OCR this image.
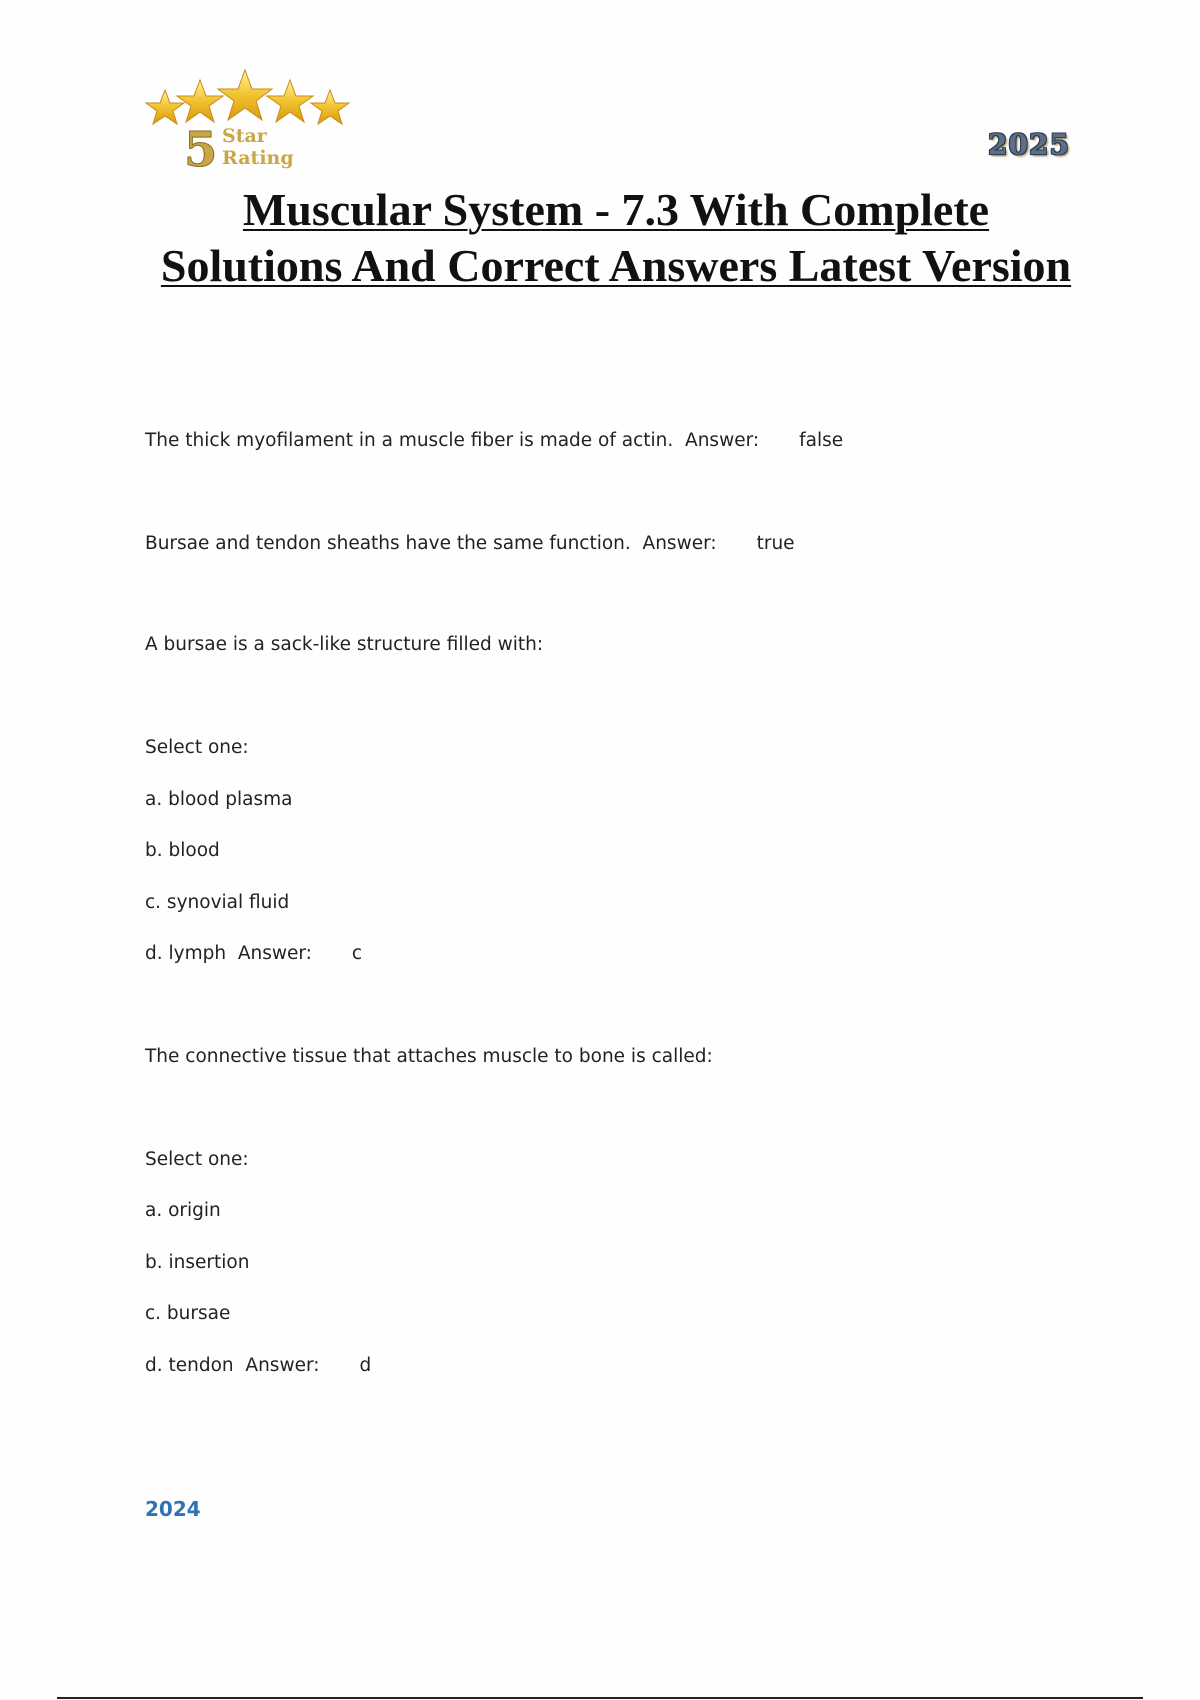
5 Star
Rating	2025
Muscular System - 7.3 With Complete Solutions And Correct Answers Latest Version
The thick myofilament in a muscle fiber is made of actin. Answer: false
Bursae and tendon sheaths have the same function. Answer: true
A bursae is a sack-like structure filled with:
Select one:
a. blood plasma
b. blood
c. synovial fluid
d. lymph Answer: c
The connective tissue that attaches muscle to bone is called:
Select one:
a. origin
b. insertion
c. bursae
d. tendon Answer: d
2024
